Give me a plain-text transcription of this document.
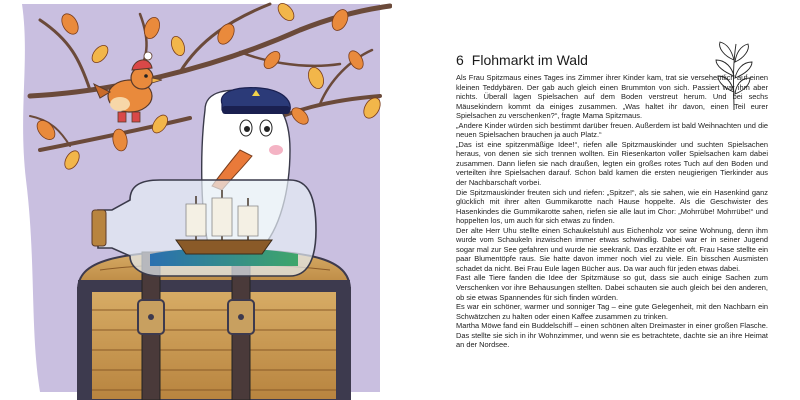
6 Flohmarkt im Wald

Als Frau Spitzmaus eines Tages ins Zimmer ihrer Kinder kam, trat sie versehentlich auf einen kleinen Teddybären. Der gab auch gleich einen Brummton von sich. Passiert war ihm aber nichts. Überall lagen Spielsachen auf dem Boden verstreut herum. Und bei sechs Mäusekindern kommt da einiges zusammen. „Was haltet ihr davon, einen Teil eurer Spielsachen zu verschenken?“, fragte Mama Spitzmaus.

„Andere Kinder würden sich bestimmt darüber freuen. Außerdem ist bald Weihnachten und die neuen Spielsachen brauchen ja auch Platz.“

„Das ist eine spitzenmäßige Idee!“, riefen alle Spitzmauskinder und suchten Spielsachen heraus, von denen sie sich trennen wollten. Ein Riesenkarton voller Spielsachen kam dabei zusammen. Dann liefen sie nach draußen, legten ein großes rotes Tuch auf den Boden und verteilten ihre Spielsachen darauf. Schon bald kamen die ersten neugierigen Tierkinder aus der Nachbarschaft vorbei.

Die Spitzmauskinder freuten sich und riefen: „Spitze!“, als sie sahen, wie ein Hasenkind ganz glücklich mit ihrer alten Gummikarotte nach Hause hoppelte. Als die Geschwister des Hasenkindes die Gummikarotte sahen, riefen sie alle laut im Chor: „Mohrrübe! Mohrrübe!“ und hoppelten los, um auch für sich etwas zu finden.

Der alte Herr Uhu stellte einen Schaukelstuhl aus Eichenholz vor seine Wohnung, denn ihm wurde vom Schaukeln inzwischen immer etwas schwindlig. Dabei war er in seiner Jugend sogar mal zur See gefahren und wurde nie seekrank. Das erzählte er oft. Frau Hase stellte ein paar Blumentöpfe raus. Sie hatte davon immer noch viel zu viele. Ein bisschen Ausmisten schadet da nicht. Bei Frau Eule lagen Bücher aus. Da war auch für jeden etwas dabei.

Fast alle Tiere fanden die Idee der Spitzmäuse so gut, dass sie auch einige Sachen zum Verschenken vor ihre Behausungen stellten. Dabei schauten sie auch gleich bei den anderen, ob sie etwas Spannendes für sich finden würden.

Es war ein schöner, warmer und sonniger Tag – eine gute Gelegenheit, mit den Nachbarn ein Schwätzchen zu halten oder einen Kaffee zusammen zu trinken.

Martha Möwe fand ein Buddelschiff – einen schönen alten Dreimaster in einer großen Flasche. Das stellte sie sich in ihr Wohnzimmer, und wenn sie es betrachtete, dachte sie an ihre Heimat an der Nordsee.
